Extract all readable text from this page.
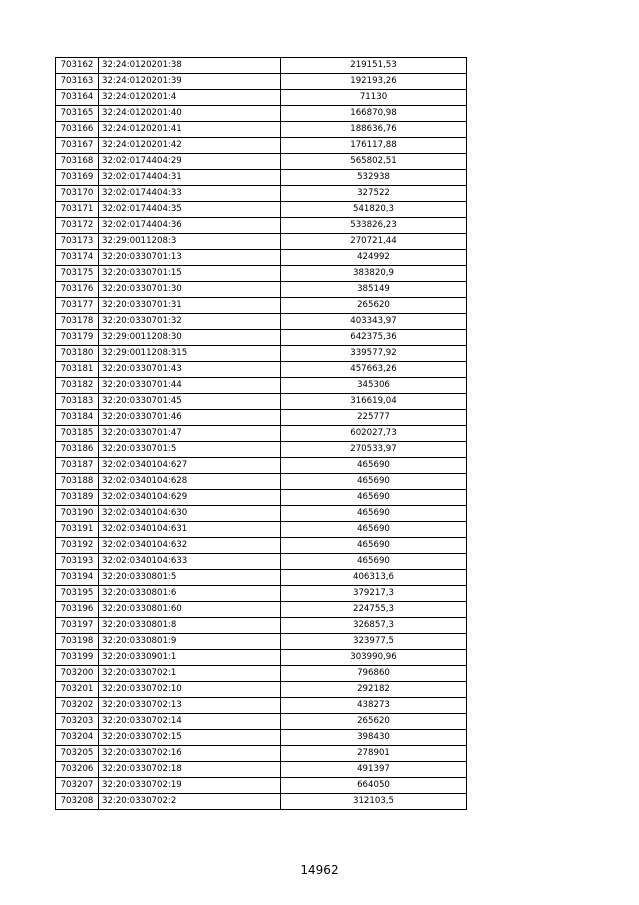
703162	32:24:0120201:38	219151,53
703163	32:24:0120201:39	192193,26
703164	32:24:0120201:4	71130
703165	32:24:0120201:40	166870,98
703166	32:24:0120201:41	188636,76
703167	32:24:0120201:42	176117,88
703168	32:02:0174404:29	565802,51
703169	32:02:0174404:31	532938
703170	32:02:0174404:33	327522
703171	32:02:0174404:35	541820,3
703172	32:02:0174404:36	533826,23
703173	32:29:0011208:3	270721,44
703174	32:20:0330701:13	424992
703175	32:20:0330701:15	383820,9
703176	32:20:0330701:30	385149
703177	32:20:0330701:31	265620
703178	32:20:0330701:32	403343,97
703179	32:29:0011208:30	642375,36
703180	32:29:0011208:315	339577,92
703181	32:20:0330701:43	457663,26
703182	32:20:0330701:44	345306
703183	32:20:0330701:45	316619,04
703184	32:20:0330701:46	225777
703185	32:20:0330701:47	602027,73
703186	32:20:0330701:5	270533,97
703187	32:02:0340104:627	465690
703188	32:02:0340104:628	465690
703189	32:02:0340104:629	465690
703190	32:02:0340104:630	465690
703191	32:02:0340104:631	465690
703192	32:02:0340104:632	465690
703193	32:02:0340104:633	465690
703194	32:20:0330801:5	406313,6
703195	32:20:0330801:6	379217,3
703196	32:20:0330801:60	224755,3
703197	32:20:0330801:8	326857,3
703198	32:20:0330801:9	323977,5
703199	32:20:0330901:1	303990,96
703200	32:20:0330702:1	796860
703201	32:20:0330702:10	292182
703202	32:20:0330702:13	438273
703203	32:20:0330702:14	265620
703204	32:20:0330702:15	398430
703205	32:20:0330702:16	278901
703206	32:20:0330702:18	491397
703207	32:20:0330702:19	664050
703208	32:20:0330702:2	312103,5
14962
